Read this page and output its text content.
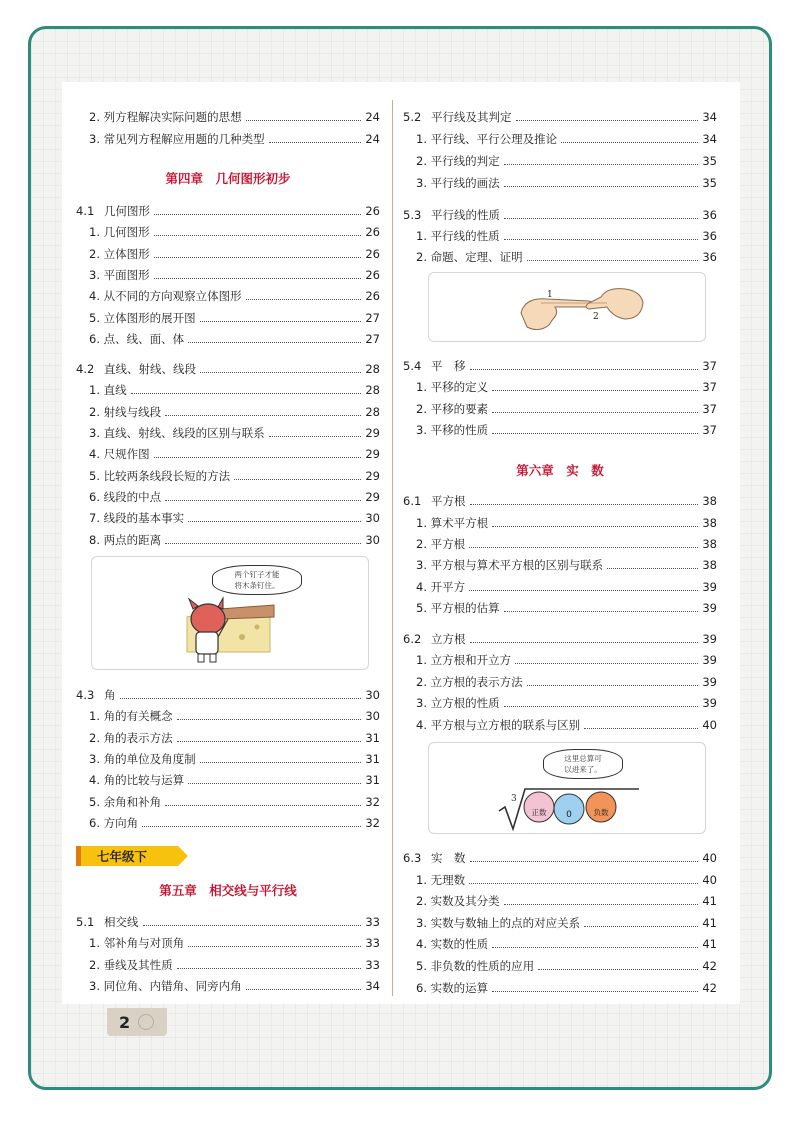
2. 列方程解决实际问题的思想	24
3. 常见列方程解应用题的几种类型	24
第四章　几何图形初步
4.1 几何图形	26
1. 几何图形	26
2. 立体图形	26
3. 平面图形	26
4. 从不同的方向观察立体图形	26
5. 立体图形的展开图	27
6. 点、线、面、体	27
4.2 直线、射线、线段	28
1. 直线	28
2. 射线与线段	28
3. 直线、射线、线段的区别与联系	29
4. 尺规作图	29
5. 比较两条线段长短的方法	29
6. 线段的中点	29
7. 线段的基本事实	30
8. 两点的距离	30
两个钉子才能
将木条钉住。
4.3 角	30
1. 角的有关概念	30
2. 角的表示方法	31
3. 角的单位及角度制	31
4. 角的比较与运算	31
5. 余角和补角	32
6. 方向角	32
七年级下
第五章　相交线与平行线
5.1 相交线	33
1. 邻补角与对顶角	33
2. 垂线及其性质	33
3. 同位角、内错角、同旁内角	34
5.2 平行线及其判定	34
1. 平行线、平行公理及推论	34
2. 平行线的判定	35
3. 平行线的画法	35
5.3 平行线的性质	36
1. 平行线的性质	36
2. 命题、定理、证明	36
1
2
5.4 平　移	37
1. 平移的定义	37
2. 平移的要素	37
3. 平移的性质	37
第六章　实　数
6.1 平方根	38
1. 算术平方根	38
2. 平方根	38
3. 平方根与算术平方根的区别与联系	38
4. 开平方	39
5. 平方根的估算	39
6.2 立方根	39
1. 立方根和开立方	39
2. 立方根的表示方法	39
3. 立方根的性质	39
4. 平方根与立方根的联系与区别	40
3
正数 0	负数
这里总算可
以进来了。
6.3 实　数	40
1. 无理数	40
2. 实数及其分类	41
3. 实数与数轴上的点的对应关系	41
4. 实数的性质	41
5. 非负数的性质的应用	42
6. 实数的运算	42
2
